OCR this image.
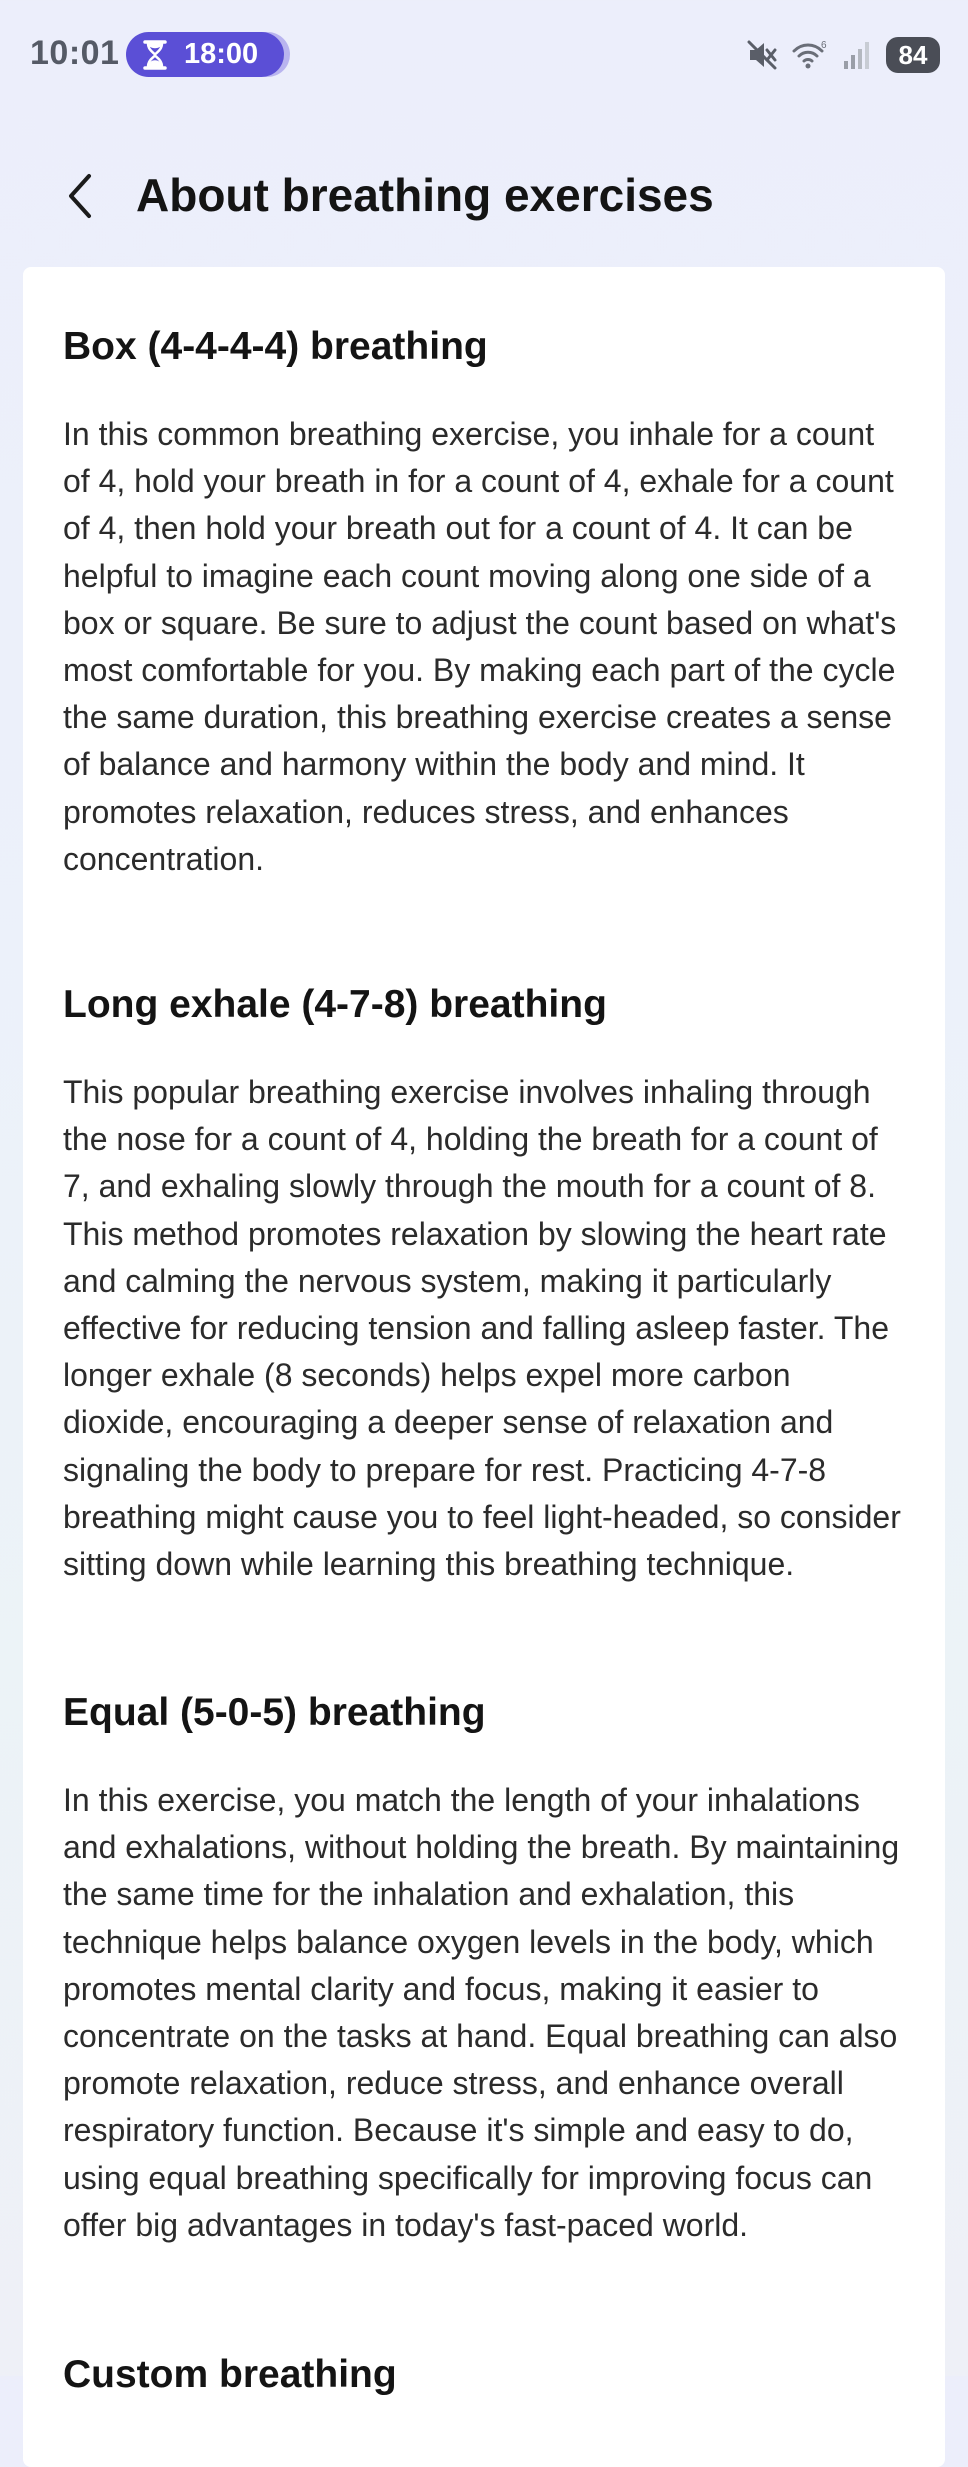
10:01 18:00	6	84
About breathing exercises
Box (4-4-4-4) breathing

In this common breathing exercise, you inhale for a count of 4, hold your breath in for a count of 4, exhale for a count of 4, then hold your breath out for a count of 4. It can be helpful to imagine each count moving along one side of a box or square. Be sure to adjust the count based on what's most comfortable for you. By making each part of the cycle the same duration, this breathing exercise creates a sense of balance and harmony within the body and mind. It promotes relaxation, reduces stress, and enhances concentration.

Long exhale (4-7-8) breathing

This popular breathing exercise involves inhaling through the nose for a count of 4, holding the breath for a count of 7, and exhaling slowly through the mouth for a count of 8. This method promotes relaxation by slowing the heart rate and calming the nervous system, making it particularly effective for reducing tension and falling asleep faster. The longer exhale (8 seconds) helps expel more carbon dioxide, encouraging a deeper sense of relaxation and signaling the body to prepare for rest. Practicing 4-7-8 breathing might cause you to feel light-headed, so consider sitting down while learning this breathing technique.

Equal (5-0-5) breathing

In this exercise, you match the length of your inhalations and exhalations, without holding the breath. By maintaining the same time for the inhalation and exhalation, this technique helps balance oxygen levels in the body, which promotes mental clarity and focus, making it easier to concentrate on the tasks at hand. Equal breathing can also promote relaxation, reduce stress, and enhance overall respiratory function. Because it's simple and easy to do, using equal breathing specifically for improving focus can offer big advantages in today's fast-paced world.

Custom breathing
